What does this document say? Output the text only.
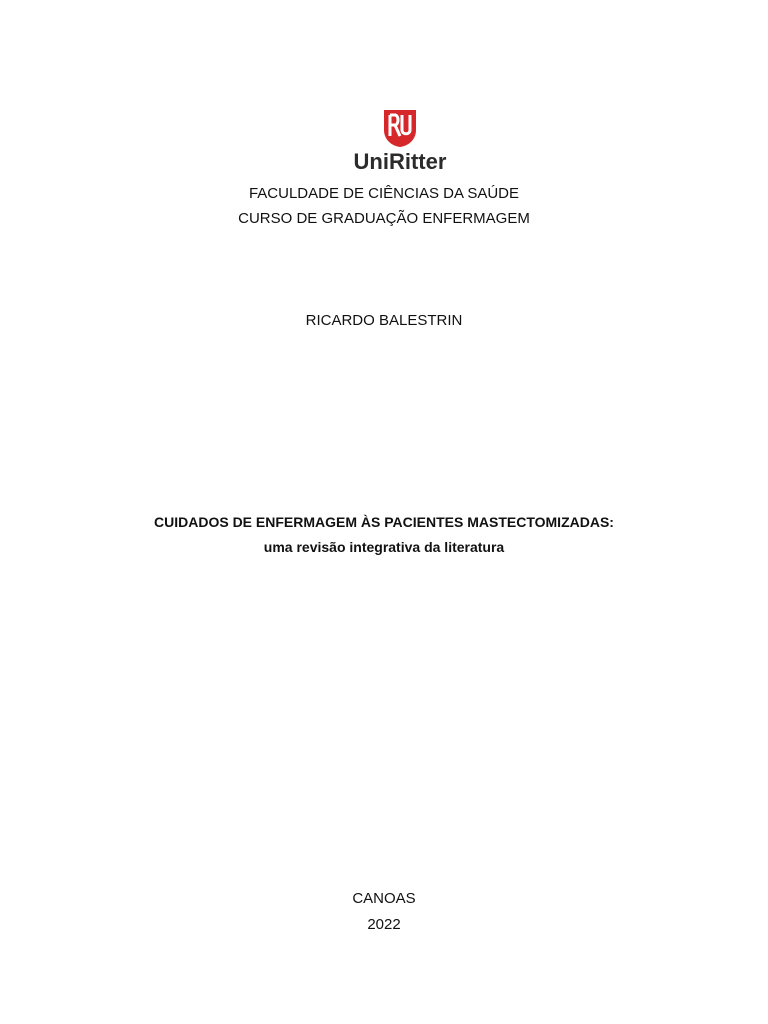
UniRitter
FACULDADE DE CIÊNCIAS DA SAÚDE
CURSO DE GRADUAÇÃO ENFERMAGEM
RICARDO BALESTRIN
CUIDADOS DE ENFERMAGEM ÀS PACIENTES MASTECTOMIZADAS:
uma revisão integrativa da literatura
CANOAS
2022
